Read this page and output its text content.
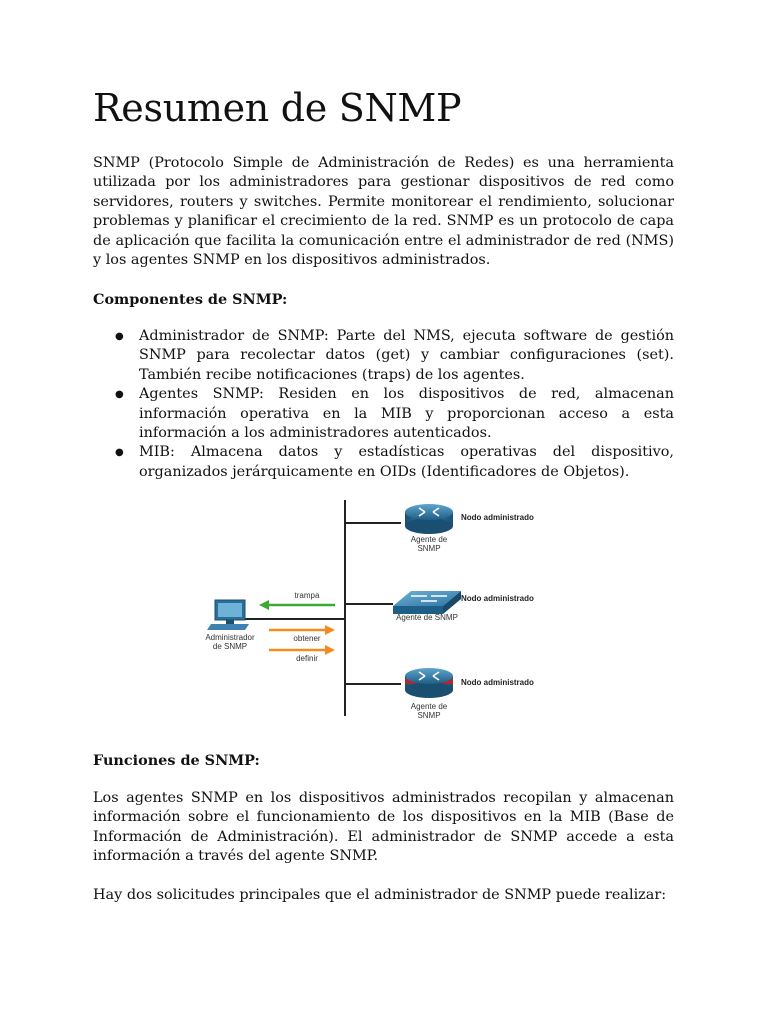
Resumen de SNMP

SNMP (Protocolo Simple de Administración de Redes) es una herramienta utilizada por los administradores para gestionar dispositivos de red como servidores, routers y switches. Permite monitorear el rendimiento, solucionar problemas y planificar el crecimiento de la red. SNMP es un protocolo de capa de aplicación que facilita la comunicación entre el administrador de red (NMS) y los agentes SNMP en los dispositivos administrados.

Componentes de SNMP:

● Administrador de SNMP: Parte del NMS, ejecuta software de gestión SNMP para recolectar datos (get) y cambiar configuraciones (set). También recibe notificaciones (traps) de los agentes.
● Agentes SNMP: Residen en los dispositivos de red, almacenan información operativa en la MIB y proporcionan acceso a esta información a los administradores autenticados.
● MIB: Almacena datos y estadísticas operativas del dispositivo, organizados jerárquicamente en OIDs (Identificadores de Objetos).
Agente de
SNMP
Nodo administrado
Agente de SNMP
Nodo administrado
Agente de
SNMP
Nodo administrado
Administrador
de SNMP
trampa
obtener
definir

Funciones de SNMP:

Los agentes SNMP en los dispositivos administrados recopilan y almacenan información sobre el funcionamiento de los dispositivos en la MIB (Base de Información de Administración). El administrador de SNMP accede a esta información a través del agente SNMP.

Hay dos solicitudes principales que el administrador de SNMP puede realizar:
